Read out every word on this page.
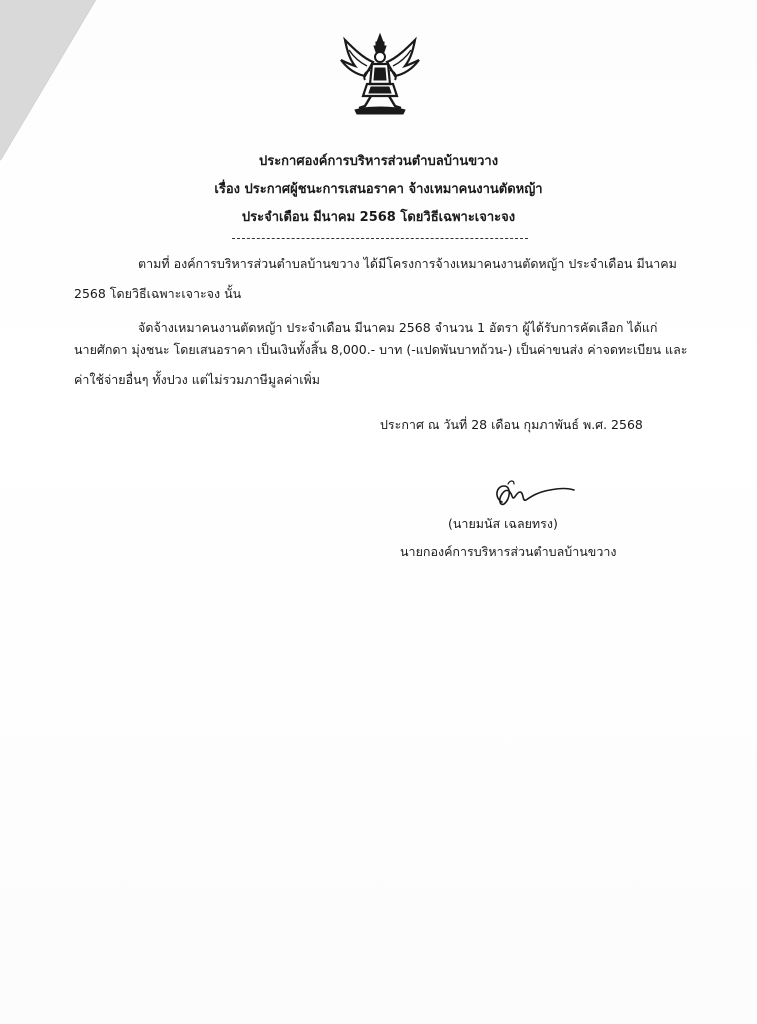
ประกาศองค์การบริหารส่วนตำบลบ้านขวาง
เรื่อง ประกาศผู้ชนะการเสนอราคา จ้างเหมาคนงานตัดหญ้า
ประจำเดือน มีนาคม 2568 โดยวิธีเฉพาะเจาะจง
ตามที่ องค์การบริหารส่วนตำบลบ้านขวาง ได้มีโครงการจ้างเหมาคนงานตัดหญ้า ประจำเดือน มีนาคม
2568 โดยวิธีเฉพาะเจาะจง นั้น
จัดจ้างเหมาคนงานตัดหญ้า ประจำเดือน มีนาคม 2568 จำนวน 1 อัตรา ผู้ได้รับการคัดเลือก ได้แก่
นายศักดา มุ่งชนะ โดยเสนอราคา เป็นเงินทั้งสิ้น 8,000.- บาท (-แปดพันบาทถ้วน-) เป็นค่าขนส่ง ค่าจดทะเบียน และ
ค่าใช้จ่ายอื่นๆ ทั้งปวง แต่ไม่รวมภาษีมูลค่าเพิ่ม
ประกาศ ณ วันที่ 28 เดือน กุมภาพันธ์ พ.ศ. 2568
(นายมนัส เฉลยทรง)
นายกองค์การบริหารส่วนตำบลบ้านขวาง
